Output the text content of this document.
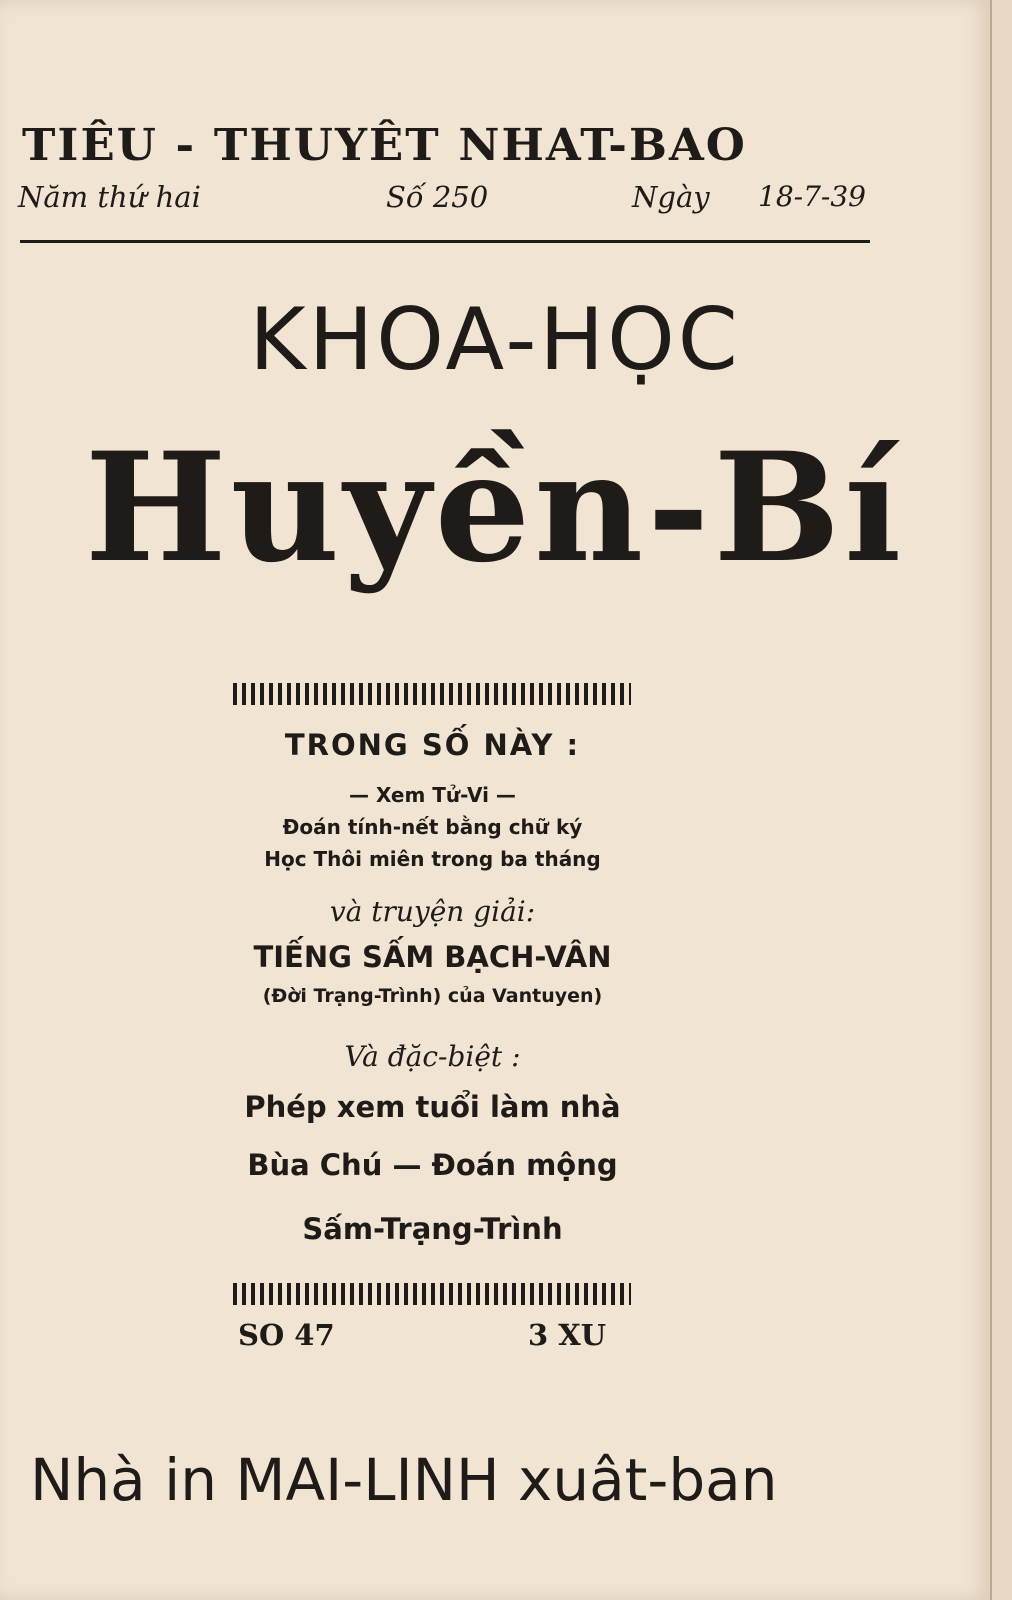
TIÊU - THUYÊT NHAT-BAO
Năm thứ hai	Số 250	Ngày 18-7-39
KHOA-HỌC
Huyền-Bí
TRONG SỐ NÀY :
— Xem Tử-Vi —
Đoán tính-nết bằng chữ ký
Học Thôi miên trong ba tháng
và truyện giải:
TIẾNG SẤM BẠCH-VÂN
(Đời Trạng-Trình) của Vantuyen)
Và đặc-biệt :
Phép xem tuổi làm nhà
Bùa Chú — Đoán mộng
Sấm-Trạng-Trình
SO 47	3 XU
Nhà in MAI-LINH xuât-ban
